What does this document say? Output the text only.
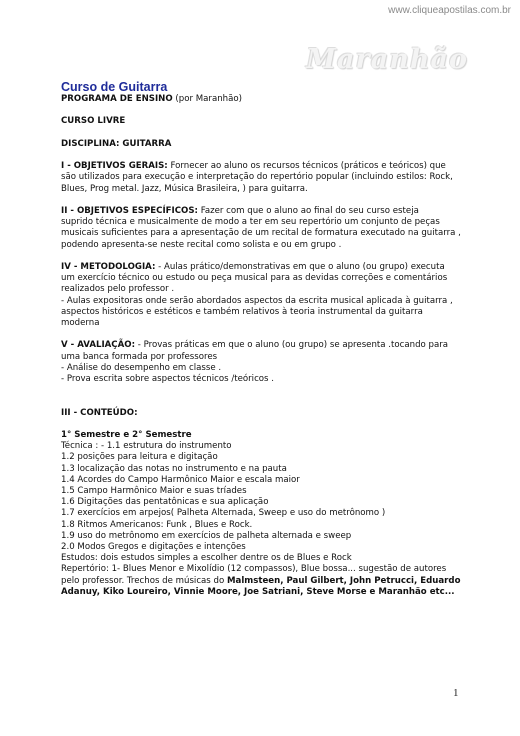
www.cliqueapostilas.com.br
Maranhão
Curso de Guitarra

PROGRAMA DE ENSINO (por Maranhão)

CURSO LIVRE

DISCIPLINA: GUITARRA

I - OBJETIVOS GERAIS: Fornecer ao aluno os recursos técnicos (práticos e teóricos) que

são utilizados para execução e interpretação do repertório popular (incluindo estilos: Rock,

Blues, Prog metal. Jazz, Música Brasileira, ) para guitarra.

II - OBJETIVOS ESPECÍFICOS: Fazer com que o aluno ao final do seu curso esteja

suprido técnica e musicalmente de modo a ter em seu repertório um conjunto de peças

musicais suficientes para a apresentação de um recital de formatura executado na guitarra ,

podendo apresenta-se neste recital como solista e ou em grupo .

IV - METODOLOGIA: - Aulas prático/demonstrativas em que o aluno (ou grupo) executa

um exercício técnico ou estudo ou peça musical para as devidas correções e comentários

realizados pelo professor .

- Aulas expositoras onde serão abordados aspectos da escrita musical aplicada à guitarra ,

aspectos históricos e estéticos e também relativos à teoria instrumental da guitarra

moderna

V - AVALIAÇÃO: - Provas práticas em que o aluno (ou grupo) se apresenta .tocando para

uma banca formada por professores

- Análise do desempenho em classe .

- Prova escrita sobre aspectos técnicos /teóricos .

III - CONTEÚDO:

1° Semestre e 2° Semestre

Técnica : - 1.1 estrutura do instrumento

1.2 posições para leitura e digitação

1.3 localização das notas no instrumento e na pauta

1.4 Acordes do Campo Harmônico Maior e escala maior

1.5 Campo Harmônico Maior e suas tríades

1.6 Digitações das pentatônicas e sua aplicação

1.7 exercícios em arpejos( Palheta Alternada, Sweep e uso do metrônomo )

1.8 Ritmos Americanos: Funk , Blues e Rock.

1.9 uso do metrônomo em exercícios de palheta alternada e sweep

2.0 Modos Gregos e digitações e intenções

Estudos: dois estudos simples a escolher dentre os de Blues e Rock

Repertório: 1- Blues Menor e Mixolídio (12 compassos), Blue bossa... sugestão de autores

pelo professor. Trechos de músicas do Malmsteen, Paul Gilbert, John Petrucci, Eduardo

Adanuy, Kiko Loureiro, Vinnie Moore, Joe Satriani, Steve Morse e Maranhão etc...

1
